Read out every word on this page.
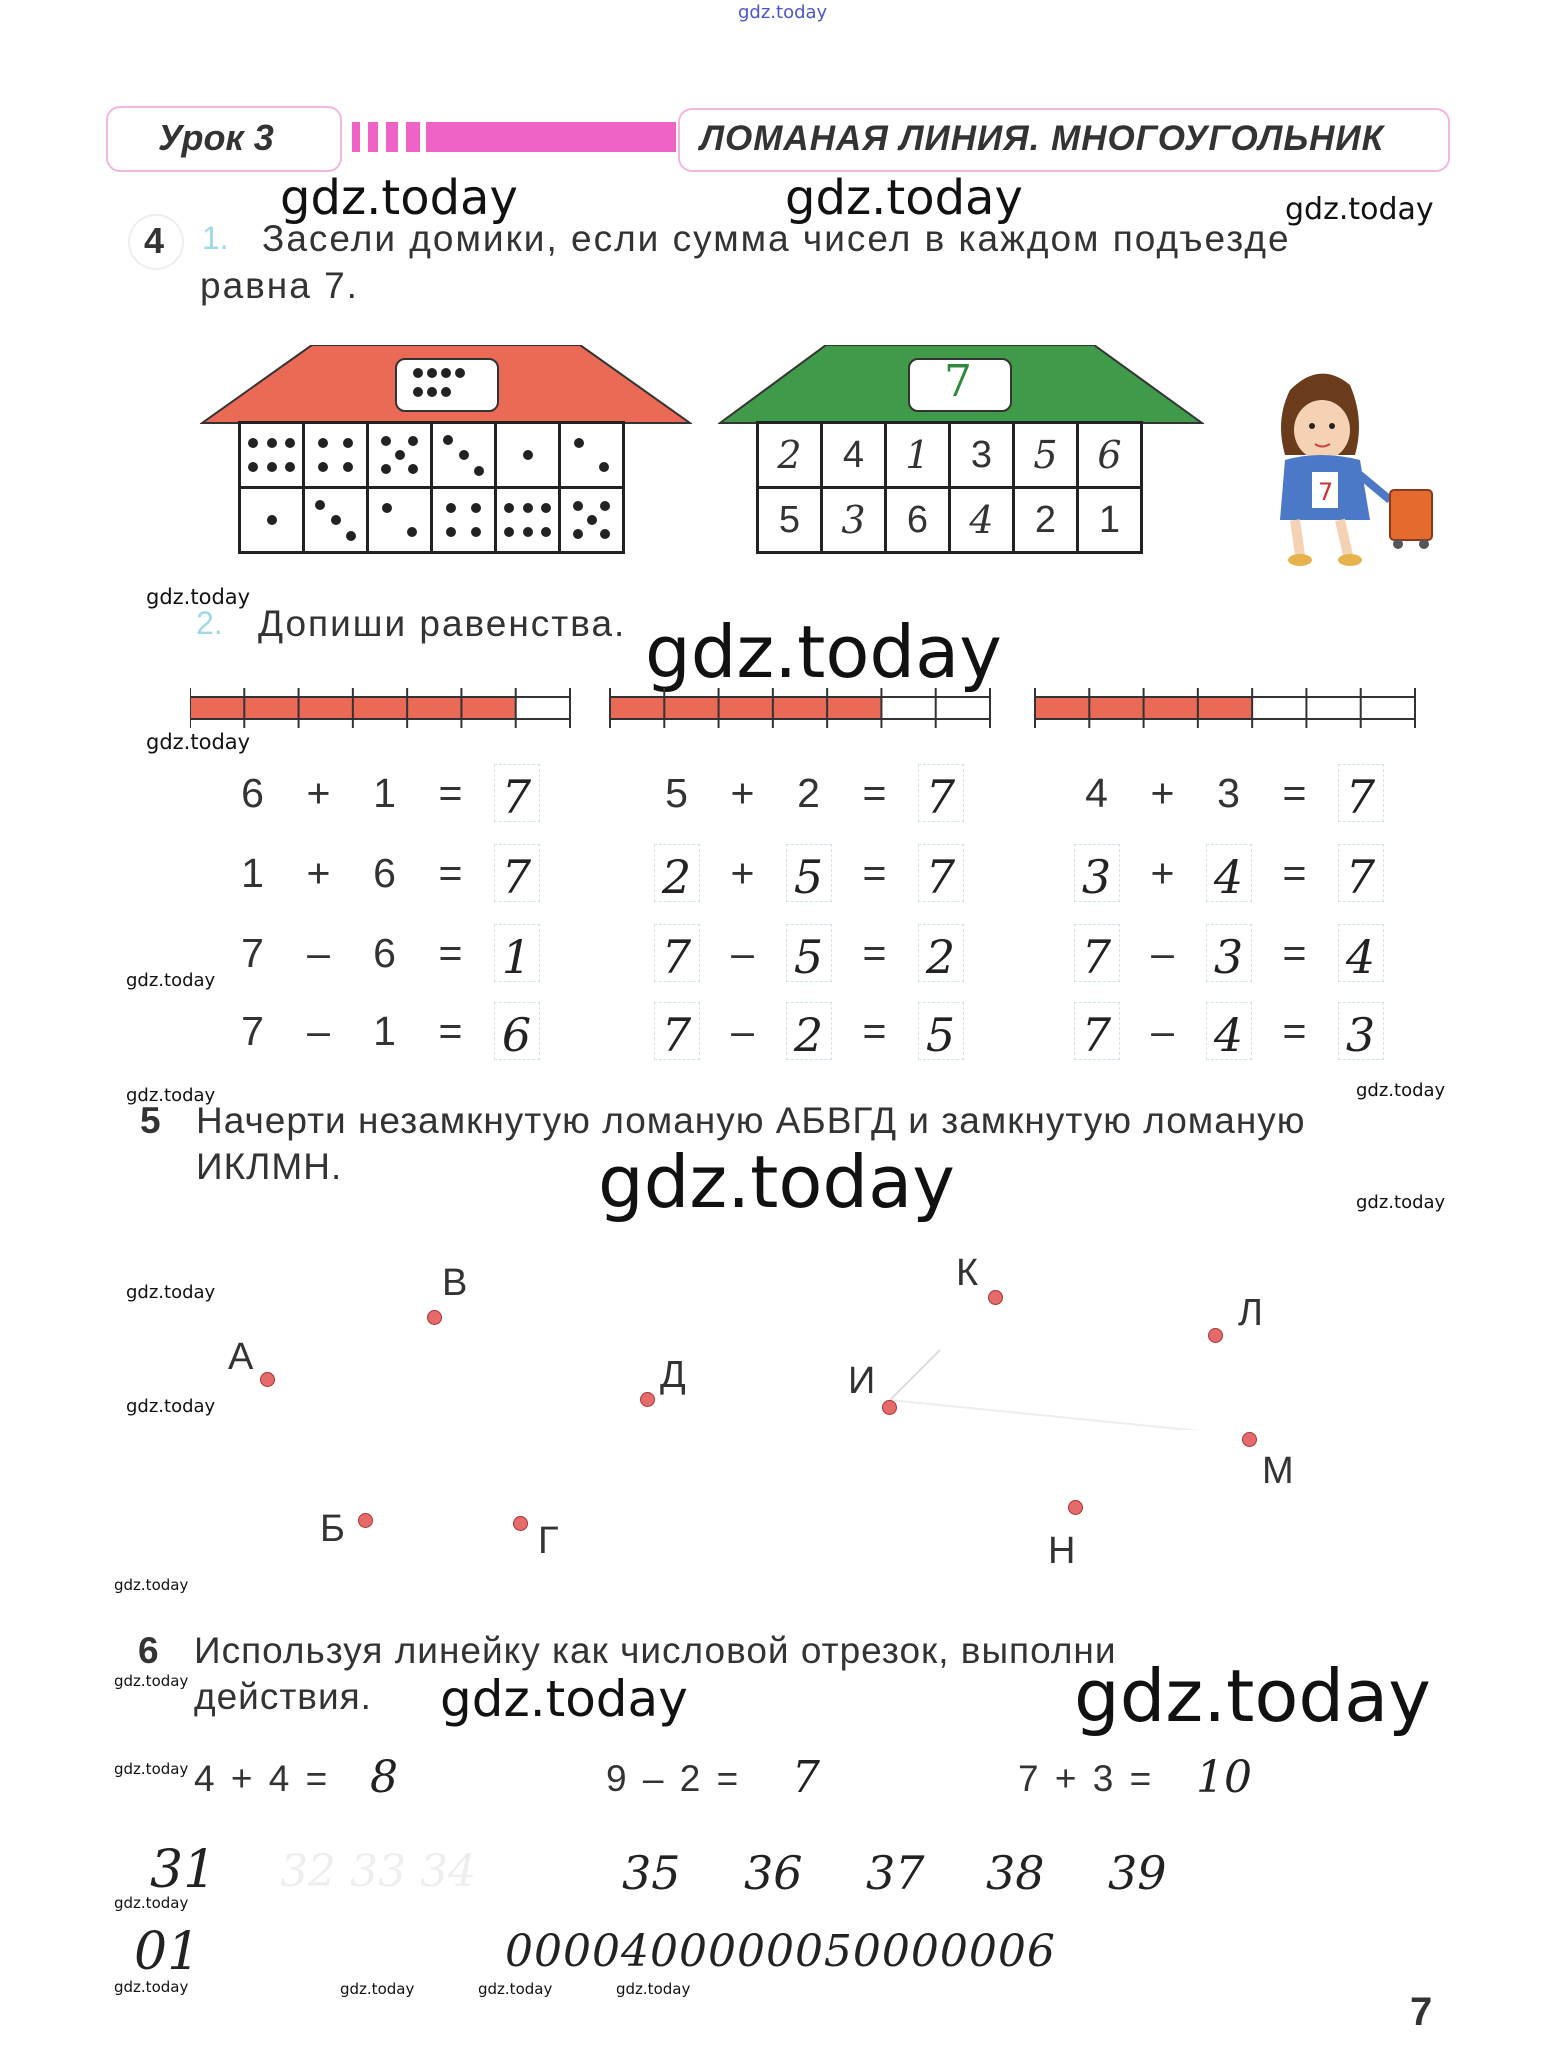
gdz.today
Урок 3	ЛОМАНАЯ ЛИНИЯ. МНОГОУГОЛЬНИК
gdz.today	gdz.today	gdz.today
4 1. Засели домики, если сумма чисел в каждом подъезде
равна 7.

7
2	4	1	3	5	6
5	3	6	4	2	1
7
gdz.today
2. Допиши равенства. gdz.today
gdz.today
6	+	1	= 7
1	+	6	= 7
7	–	6	= 1
7	–	1	= 6
5	+	2	= 7
2 + 5 = 7
7 – 5 = 2
7 – 2 = 5
4	+	3	= 7
3 + 4 = 7
7 – 3 = 4
7 – 4 = 3
gdz.today
gdz.today	gdz.today
5 Начерти незамкнутую ломаную АБВГД и замкнутую ломаную
ИКЛМН.	gdz.today	gdz.today
gdz.today
gdz.today
А
Б
В
Г
Д	И
К
Л
М
Н
gdz.today
6
gdz.today
Используя линейку как числовой отрезок, выполни
действия. gdz.today	gdz.today
gdz.today 4 + 4 = 8	9 – 2 = 7	7 + 3 = 10
31 32 33 34
gdz.today
35 36 37 38 39
01	0000400000050000006
gdz.today	gdz.today	gdz.today	gdz.today
7
